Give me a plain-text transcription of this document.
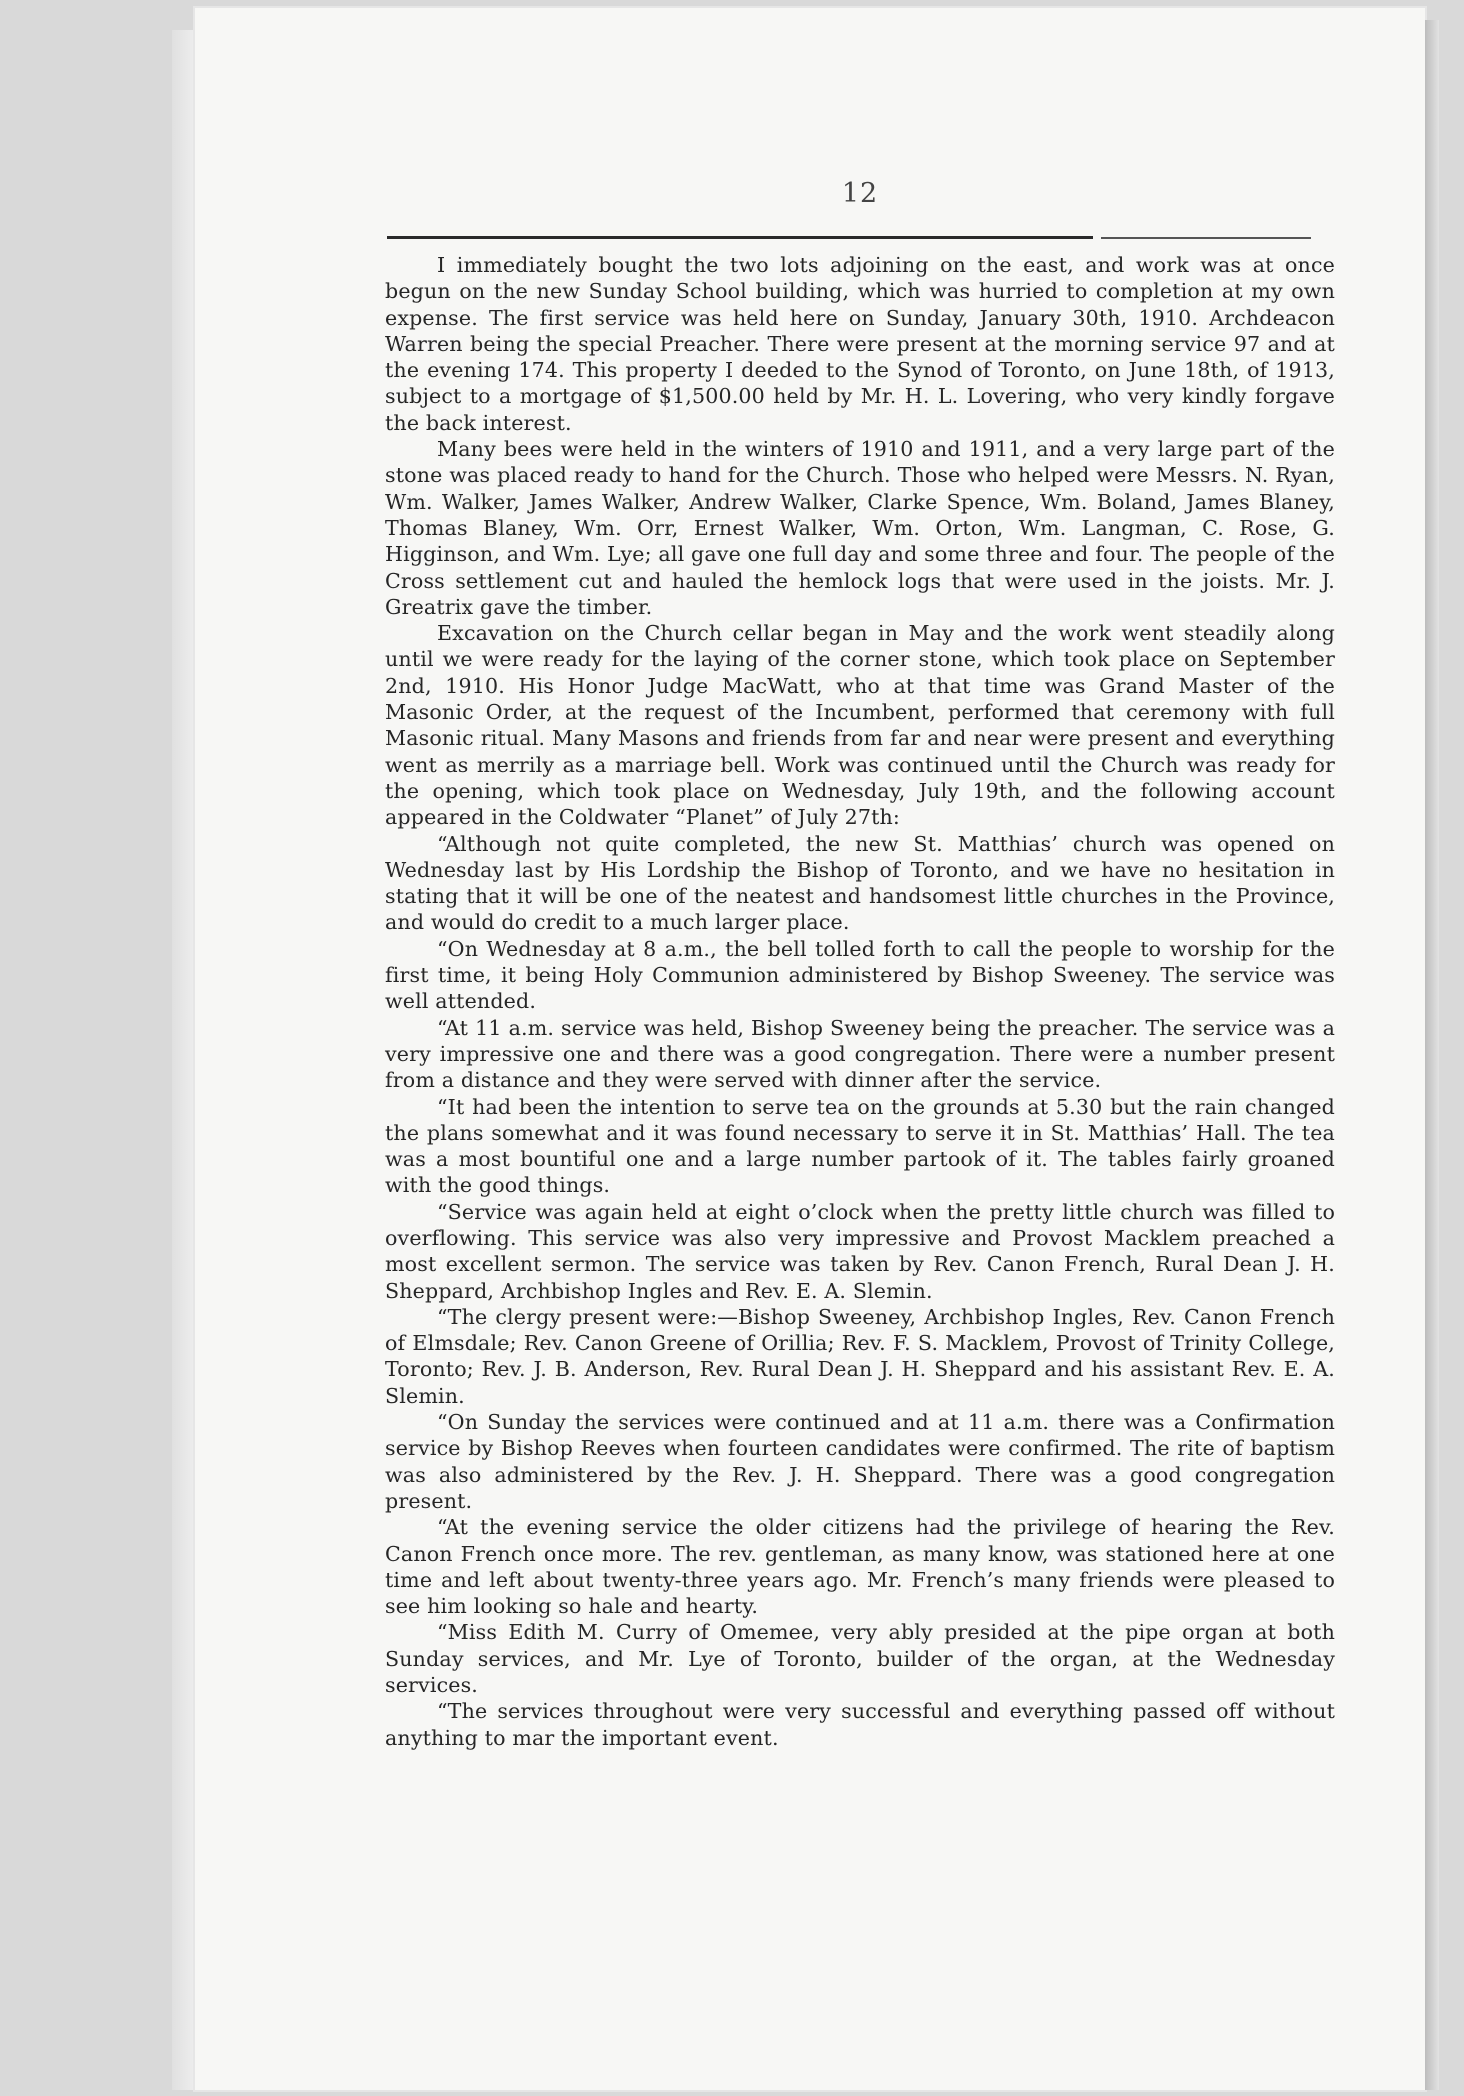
12

I immediately bought the two lots adjoining on the east, and work was at once begun on the new Sunday School building, which was hurried to completion at my own expense. The first service was held here on Sunday, January 30th, 1910. Archdeacon Warren being the special Preacher. There were present at the morning service 97 and at the evening 174. This property I deeded to the Synod of Toronto, on June 18th, of 1913, subject to a mortgage of $1,500.00 held by Mr. H. L. Lovering, who very kindly forgave the back interest.

Many bees were held in the winters of 1910 and 1911, and a very large part of the stone was placed ready to hand for the Church. Those who helped were Messrs. N. Ryan, Wm. Walker, James Walker, Andrew Walker, Clarke Spence, Wm. Boland, James Blaney, Thomas Blaney, Wm. Orr, Ernest Walker, Wm. Orton, Wm. Langman, C. Rose, G. Higginson, and Wm. Lye; all gave one full day and some three and four. The people of the Cross settlement cut and hauled the hemlock logs that were used in the joists. Mr. J. Greatrix gave the timber.

Excavation on the Church cellar began in May and the work went steadily along until we were ready for the laying of the corner stone, which took place on September 2nd, 1910. His Honor Judge MacWatt, who at that time was Grand Master of the Masonic Order, at the request of the Incumbent, performed that ceremony with full Masonic ritual. Many Masons and friends from far and near were present and everything went as merrily as a marriage bell. Work was continued until the Church was ready for the opening, which took place on Wednesday, July 19th, and the following account appeared in the Coldwater “Planet” of July 27th:

“Although not quite completed, the new St. Matthias’ church was opened on Wednesday last by His Lordship the Bishop of Toronto, and we have no hesitation in stating that it will be one of the neatest and handsomest little churches in the Province, and would do credit to a much larger place.

“On Wednesday at 8 a.m., the bell tolled forth to call the people to worship for the first time, it being Holy Communion administered by Bishop Sweeney. The service was well attended.

“At 11 a.m. service was held, Bishop Sweeney being the preacher. The service was a very impressive one and there was a good congregation. There were a number present from a distance and they were served with dinner after the service.

“It had been the intention to serve tea on the grounds at 5.30 but the rain changed the plans somewhat and it was found necessary to serve it in St. Matthias’ Hall. The tea was a most bountiful one and a large number partook of it. The tables fairly groaned with the good things.

“Service was again held at eight o’clock when the pretty little church was filled to overflowing. This service was also very impressive and Provost Macklem preached a most excellent sermon. The service was taken by Rev. Canon French, Rural Dean J. H. Sheppard, Archbishop Ingles and Rev. E. A. Slemin.

“The clergy present were:—Bishop Sweeney, Archbishop Ingles, Rev. Canon French of Elmsdale; Rev. Canon Greene of Orillia; Rev. F. S. Macklem, Provost of Trinity College, Toronto; Rev. J. B. Anderson, Rev. Rural Dean J. H. Sheppard and his assistant Rev. E. A. Slemin.

“On Sunday the services were continued and at 11 a.m. there was a Confirmation service by Bishop Reeves when fourteen candidates were confirmed. The rite of baptism was also administered by the Rev. J. H. Sheppard. There was a good congregation present.

“At the evening service the older citizens had the privilege of hearing the Rev. Canon French once more. The rev. gentleman, as many know, was stationed here at one time and left about twenty-three years ago. Mr. French’s many friends were pleased to see him looking so hale and hearty.

“Miss Edith M. Curry of Omemee, very ably presided at the pipe organ at both Sunday services, and Mr. Lye of Toronto, builder of the organ, at the Wednesday services.

“The services throughout were very successful and everything passed off without anything to mar the important event.
